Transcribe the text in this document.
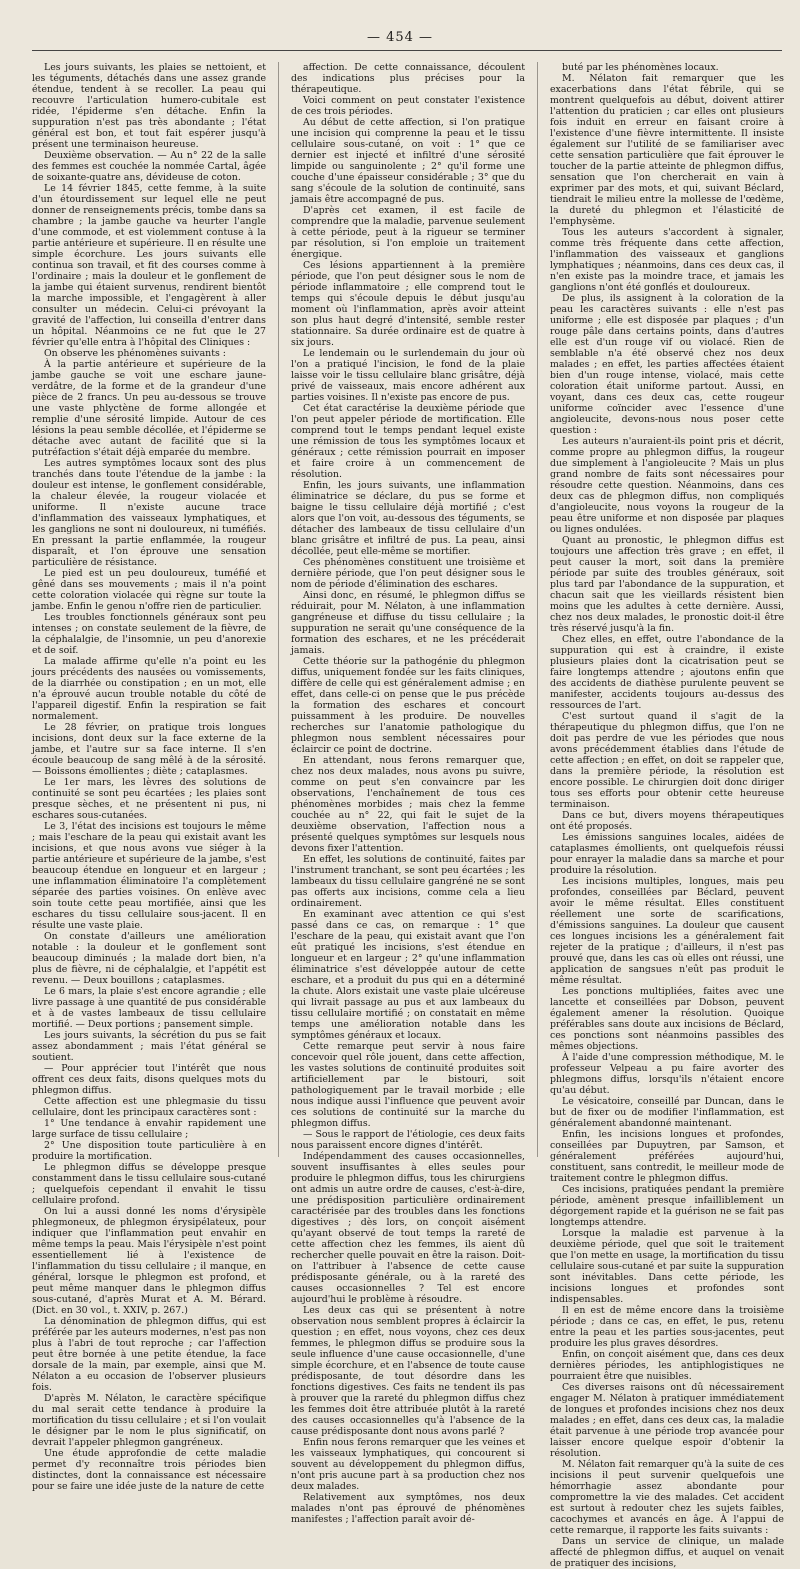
— 454 —

Les jours suivants, les plaies se nettoient, et les téguments, détachés dans une assez grande étendue, tendent à se recoller. La peau qui recouvre l'articulation humero-cubitale est ridée, l'épiderme s'en détache. Enfin la suppuration n'est pas très abondante ; l'état général est bon, et tout fait espérer jusqu'à présent une terminaison heureuse.

Deuxième observation. — Au n° 22 de la salle des femmes est couchée la nommée Cartal, âgée de soixante-quatre ans, dévideuse de coton.

Le 14 février 1845, cette femme, à la suite d'un étourdissement sur lequel elle ne peut donner de renseignements précis, tombe dans sa chambre ; la jambe gauche va heurter l'angle d'une commode, et est violemment contuse à la partie antérieure et supérieure. Il en résulte une simple écorchure. Les jours suivants elle continua son travail, et fit des courses comme à l'ordinaire ; mais la douleur et le gonflement de la jambe qui étaient survenus, rendirent bientôt la marche impossible, et l'engagèrent à aller consulter un médecin. Celui-ci prévoyant la gravité de l'affection, lui conseilla d'entrer dans un hôpital. Néanmoins ce ne fut que le 27 février qu'elle entra à l'hôpital des Cliniques :

On observe les phénomènes suivants :

À la partie antérieure et supérieure de la jambe gauche se voit une eschare jaune-verdâtre, de la forme et de la grandeur d'une pièce de 2 francs. Un peu au-dessous se trouve une vaste phlyctène de forme allongée et remplie d'une sérosité limpide. Autour de ces lésions la peau semble décollée, et l'épiderme se détache avec autant de facilité que si la putréfaction s'était déjà emparée du membre.

Les autres symptômes locaux sont des plus tranchés dans toute l'étendue de la jambe : la douleur est intense, le gonflement considérable, la chaleur élevée, la rougeur violacée et uniforme. Il n'existe aucune trace d'inflammation des vaisseaux lymphatiques, et les ganglions ne sont ni douloureux, ni tuméfiés. En pressant la partie enflammée, la rougeur disparaît, et l'on éprouve une sensation particulière de résistance.

Le pied est un peu douloureux, tuméfié et gêné dans ses mouvements ; mais il n'a point cette coloration violacée qui règne sur toute la jambe. Enfin le genou n'offre rien de particulier.

Les troubles fonctionnels généraux sont peu intenses ; on constate seulement de la fièvre, de la céphalalgie, de l'insomnie, un peu d'anorexie et de soif.

La malade affirme qu'elle n'a point eu les jours précédents des nausées ou vomissements, de la diarrhée ou constipation ; en un mot, elle n'a éprouvé aucun trouble notable du côté de l'appareil digestif. Enfin la respiration se fait normalement.

Le 28 février, on pratique trois longues incisions, dont deux sur la face externe de la jambe, et l'autre sur sa face interne. Il s'en écoule beaucoup de sang mêlé à de la sérosité. — Boissons émollientes ; diète ; cataplasmes.

Le 1er mars, les lèvres des solutions de continuité se sont peu écartées ; les plaies sont presque sèches, et ne présentent ni pus, ni eschares sous-cutanées.

Le 3, l'état des incisions est toujours le même ; mais l'eschare de la peau qui existait avant les incisions, et que nous avons vue siéger à la partie antérieure et supérieure de la jambe, s'est beaucoup étendue en longueur et en largeur ; une inflammation éliminatoire l'a complètement séparée des parties voisines. On enlève avec soin toute cette peau mortifiée, ainsi que les eschares du tissu cellulaire sous-jacent. Il en résulte une vaste plaie.

On constate d'ailleurs une amélioration notable : la douleur et le gonflement sont beaucoup diminués ; la malade dort bien, n'a plus de fièvre, ni de céphalalgie, et l'appétit est revenu. — Deux bouillons ; cataplasmes.

Le 6 mars, la plaie s'est encore agrandie ; elle livre passage à une quantité de pus considérable et à de vastes lambeaux de tissu cellulaire mortifié. — Deux portions ; pansement simple.

Les jours suivants, la sécrétion du pus se fait assez abondamment ; mais l'état général se soutient.

— Pour apprécier tout l'intérêt que nous offrent ces deux faits, disons quelques mots du phlegmon diffus.

Cette affection est une phlegmasie du tissu cellulaire, dont les principaux caractères sont :

1° Une tendance à envahir rapidement une large surface de tissu cellulaire ;

2° Une disposition toute particulière à en produire la mortification.

Le phlegmon diffus se développe presque constamment dans le tissu cellulaire sous-cutané ; quelquefois cependant il envahit le tissu cellulaire profond.

On lui a aussi donné les noms d'érysipèle phlegmoneux, de phlegmon érysipélateux, pour indiquer que l'inflammation peut envahir en même temps la peau. Mais l'érysipèle n'est point essentiellement lié à l'existence de l'inflammation du tissu cellulaire ; il manque, en général, lorsque le phlegmon est profond, et peut même manquer dans le phlegmon diffus sous-cutané, d'après Murat et A. M. Bérard. (Dict. en 30 vol., t. XXIV, p. 267.)

La dénomination de phlegmon diffus, qui est préférée par les auteurs modernes, n'est pas non plus à l'abri de tout reproche ; car l'affection peut être bornée à une petite étendue, la face dorsale de la main, par exemple, ainsi que M. Nélaton a eu occasion de l'observer plusieurs fois.

D'après M. Nélaton, le caractère spécifique du mal serait cette tendance à produire la mortification du tissu cellulaire ; et si l'on voulait le désigner par le nom le plus significatif, on devrait l'appeler phlegmon gangréneux.

Une étude approfondie de cette maladie permet d'y reconnaître trois périodes bien distinctes, dont la connaissance est nécessaire pour se faire une idée juste de la nature de cette

affection. De cette connaissance, découlent des indications plus précises pour la thérapeutique.

Voici comment on peut constater l'existence de ces trois périodes.

Au début de cette affection, si l'on pratique une incision qui comprenne la peau et le tissu cellulaire sous-cutané, on voit : 1° que ce dernier est injecté et infiltré d'une sérosité limpide ou sanguinolente ; 2° qu'il forme une couche d'une épaisseur considérable ; 3° que du sang s'écoule de la solution de continuité, sans jamais être accompagné de pus.

D'après cet examen, il est facile de comprendre que la maladie, parvenue seulement à cette période, peut à la rigueur se terminer par résolution, si l'on emploie un traitement énergique.

Ces lésions appartiennent à la première période, que l'on peut désigner sous le nom de période inflammatoire ; elle comprend tout le temps qui s'écoule depuis le début jusqu'au moment où l'inflammation, après avoir atteint son plus haut degré d'intensité, semble rester stationnaire. Sa durée ordinaire est de quatre à six jours.

Le lendemain ou le surlendemain du jour où l'on a pratiqué l'incision, le fond de la plaie laisse voir le tissu cellulaire blanc grisâtre, déjà privé de vaisseaux, mais encore adhérent aux parties voisines. Il n'existe pas encore de pus.

Cet état caractérise la deuxième période que l'on peut appeler période de mortification. Elle comprend tout le temps pendant lequel existe une rémission de tous les symptômes locaux et généraux ; cette rémission pourrait en imposer et faire croire à un commencement de résolution.

Enfin, les jours suivants, une inflammation éliminatrice se déclare, du pus se forme et baigne le tissu cellulaire déjà mortifié ; c'est alors que l'on voit, au-dessous des téguments, se détacher des lambeaux de tissu cellulaire d'un blanc grisâtre et infiltré de pus. La peau, ainsi décollée, peut elle-même se mortifier.

Ces phénomènes constituent une troisième et dernière période, que l'on peut désigner sous le nom de période d'élimination des eschares.

Ainsi donc, en résumé, le phlegmon diffus se réduirait, pour M. Nélaton, à une inflammation gangréneuse et diffuse du tissu cellulaire ; la suppuration ne serait qu'une conséquence de la formation des eschares, et ne les précéderait jamais.

Cette théorie sur la pathogénie du phlegmon diffus, uniquement fondée sur les faits cliniques, diffère de celle qui est généralement admise ; en effet, dans celle-ci on pense que le pus précède la formation des eschares et concourt puissamment à les produire. De nouvelles recherches sur l'anatomie pathologique du phlegmon nous semblent nécessaires pour éclaircir ce point de doctrine.

En attendant, nous ferons remarquer que, chez nos deux malades, nous avons pu suivre, comme on peut s'en convaincre par les observations, l'enchaînement de tous ces phénomènes morbides ; mais chez la femme couchée au n° 22, qui fait le sujet de la deuxième observation, l'affection nous a présenté quelques symptômes sur lesquels nous devons fixer l'attention.

En effet, les solutions de continuité, faites par l'instrument tranchant, se sont peu écartées ; les lambeaux du tissu cellulaire gangréné ne se sont pas offerts aux incisions, comme cela a lieu ordinairement.

En examinant avec attention ce qui s'est passé dans ce cas, on remarque : 1° que l'eschare de la peau, qui existait avant que l'on eût pratiqué les incisions, s'est étendue en longueur et en largeur ; 2° qu'une inflammation éliminatrice s'est développée autour de cette eschare, et a produit du pus qui en a déterminé la chute. Alors existait une vaste plaie ulcéreuse qui livrait passage au pus et aux lambeaux du tissu cellulaire mortifié ; on constatait en même temps une amélioration notable dans les symptômes généraux et locaux.

Cette remarque peut servir à nous faire concevoir quel rôle jouent, dans cette affection, les vastes solutions de continuité produites soit artificiellement par le bistouri, soit pathologiquement par le travail morbide ; elle nous indique aussi l'influence que peuvent avoir ces solutions de continuité sur la marche du phlegmon diffus.

— Sous le rapport de l'étiologie, ces deux faits nous paraissent encore dignes d'intérêt.

Indépendamment des causes occasionnelles, souvent insuffisantes à elles seules pour produire le phlegmon diffus, tous les chirurgiens ont admis un autre ordre de causes, c'est-à-dire, une prédisposition particulière ordinairement caractérisée par des troubles dans les fonctions digestives ; dès lors, on conçoit aisément qu'ayant observé de tout temps la rareté de cette affection chez les femmes, ils aient dû rechercher quelle pouvait en être la raison. Doit-on l'attribuer à l'absence de cette cause prédisposante générale, ou à la rareté des causes occasionnelles ? Tel est encore aujourd'hui le problème à résoudre.

Les deux cas qui se présentent à notre observation nous semblent propres à éclaircir la question ; en effet, nous voyons, chez ces deux femmes, le phlegmon diffus se produire sous la seule influence d'une cause occasionnelle, d'une simple écorchure, et en l'absence de toute cause prédisposante, de tout désordre dans les fonctions digestives. Ces faits ne tendent ils pas à prouver que la rareté du phlegmon diffus chez les femmes doit être attribuée plutôt à la rareté des causes occasionnelles qu'à l'absence de la cause prédisposante dont nous avons parlé ?

Enfin nous ferons remarquer que les veines et les vaisseaux lymphatiques, qui concourent si souvent au développement du phlegmon diffus, n'ont pris aucune part à sa production chez nos deux malades.

Relativement aux symptômes, nos deux malades n'ont pas éprouvé de phénomènes manifestes ; l'affection paraît avoir dé-

buté par les phénomènes locaux.

M. Nélaton fait remarquer que les exacerbations dans l'état fébrile, qui se montrent quelquefois au début, doivent attirer l'attention du praticien ; car elles ont plusieurs fois induit en erreur en faisant croire à l'existence d'une fièvre intermittente. Il insiste également sur l'utilité de se familiariser avec cette sensation particulière que fait éprouver le toucher de la partie atteinte de phlegmon diffus, sensation que l'on chercherait en vain à exprimer par des mots, et qui, suivant Béclard, tiendrait le milieu entre la mollesse de l'œdème, la dureté du phlegmon et l'élasticité de l'emphysème.

Tous les auteurs s'accordent à signaler, comme très fréquente dans cette affection, l'inflammation des vaisseaux et ganglions lymphatiques ; néanmoins, dans ces deux cas, il n'en existe pas la moindre trace, et jamais les ganglions n'ont été gonflés et douloureux.

De plus, ils assignent à la coloration de la peau les caractères suivants : elle n'est pas uniforme ; elle est disposée par plaques ; d'un rouge pâle dans certains points, dans d'autres elle est d'un rouge vif ou violacé. Rien de semblable n'a été observé chez nos deux malades ; en effet, les parties affectées étaient bien d'un rouge intense, violacé, mais cette coloration était uniforme partout. Aussi, en voyant, dans ces deux cas, cette rougeur uniforme coïncider avec l'essence d'une angioleucite, devons-nous nous poser cette question :

Les auteurs n'auraient-ils point pris et décrit, comme propre au phlegmon diffus, la rougeur due simplement à l'angioleucite ? Mais un plus grand nombre de faits sont nécessaires pour résoudre cette question. Néanmoins, dans ces deux cas de phlegmon diffus, non compliqués d'angioleucite, nous voyons la rougeur de la peau être uniforme et non disposée par plaques ou lignes ondulées.

Quant au pronostic, le phlegmon diffus est toujours une affection très grave ; en effet, il peut causer la mort, soit dans la première période par suite des troubles généraux, soit plus tard par l'abondance de la suppuration, et chacun sait que les vieillards résistent bien moins que les adultes à cette dernière. Aussi, chez nos deux malades, le pronostic doit-il être très réservé jusqu'à la fin.

Chez elles, en effet, outre l'abondance de la suppuration qui est à craindre, il existe plusieurs plaies dont la cicatrisation peut se faire longtemps attendre ; ajoutons enfin que des accidents de diathèse purulente peuvent se manifester, accidents toujours au-dessus des ressources de l'art.

C'est surtout quand il s'agit de la thérapeutique du phlegmon diffus, que l'on ne doit pas perdre de vue les périodes que nous avons précédemment établies dans l'étude de cette affection ; en effet, on doit se rappeler que, dans la première période, la résolution est encore possible. Le chirurgien doit donc diriger tous ses efforts pour obtenir cette heureuse terminaison.

Dans ce but, divers moyens thérapeutiques ont été proposés.

Les émissions sanguines locales, aidées de cataplasmes émollients, ont quelquefois réussi pour enrayer la maladie dans sa marche et pour produire la résolution.

Les incisions multiples, longues, mais peu profondes, conseillées par Béclard, peuvent avoir le même résultat. Elles constituent réellement une sorte de scarifications, d'émissions sanguines. La douleur que causent ces longues incisions les a généralement fait rejeter de la pratique ; d'ailleurs, il n'est pas prouvé que, dans les cas où elles ont réussi, une application de sangsues n'eût pas produit le même résultat.

Les ponctions multipliées, faites avec une lancette et conseillées par Dobson, peuvent également amener la résolution. Quoique préférables sans doute aux incisions de Béclard, ces ponctions sont néanmoins passibles des mêmes objections.

À l'aide d'une compression méthodique, M. le professeur Velpeau a pu faire avorter des phlegmons diffus, lorsqu'ils n'étaient encore qu'au début.

Le vésicatoire, conseillé par Duncan, dans le but de fixer ou de modifier l'inflammation, est généralement abandonné maintenant.

Enfin, les incisions longues et profondes, conseillées par Dupuytren, par Samson, et généralement préférées aujourd'hui, constituent, sans contredit, le meilleur mode de traitement contre le phlegmon diffus.

Ces incisions, pratiquées pendant la première période, amènent presque infailliblement un dégorgement rapide et la guérison ne se fait pas longtemps attendre.

Lorsque la maladie est parvenue à la deuxième période, quel que soit le traitement que l'on mette en usage, la mortification du tissu cellulaire sous-cutané et par suite la suppuration sont inévitables. Dans cette période, les incisions longues et profondes sont indispensables.

Il en est de même encore dans la troisième période ; dans ce cas, en effet, le pus, retenu entre la peau et les parties sous-jacentes, peut produire les plus graves désordres.

Enfin, on conçoit aisément que, dans ces deux dernières périodes, les antiphlogistiques ne pourraient être que nuisibles.

Ces diverses raisons ont dû nécessairement engager M. Nélaton à pratiquer immédiatement de longues et profondes incisions chez nos deux malades ; en effet, dans ces deux cas, la maladie était parvenue à une période trop avancée pour laisser encore quelque espoir d'obtenir la résolution.

M. Nélaton fait remarquer qu'à la suite de ces incisions il peut survenir quelquefois une hémorrhagie assez abondante pour compromettre la vie des malades. Cet accident est surtout à redouter chez les sujets faibles, cacochymes et avancés en âge. À l'appui de cette remarque, il rapporte les faits suivants :

Dans un service de clinique, un malade affecté de phlegmon diffus, et auquel on venait de pratiquer des incisions,
